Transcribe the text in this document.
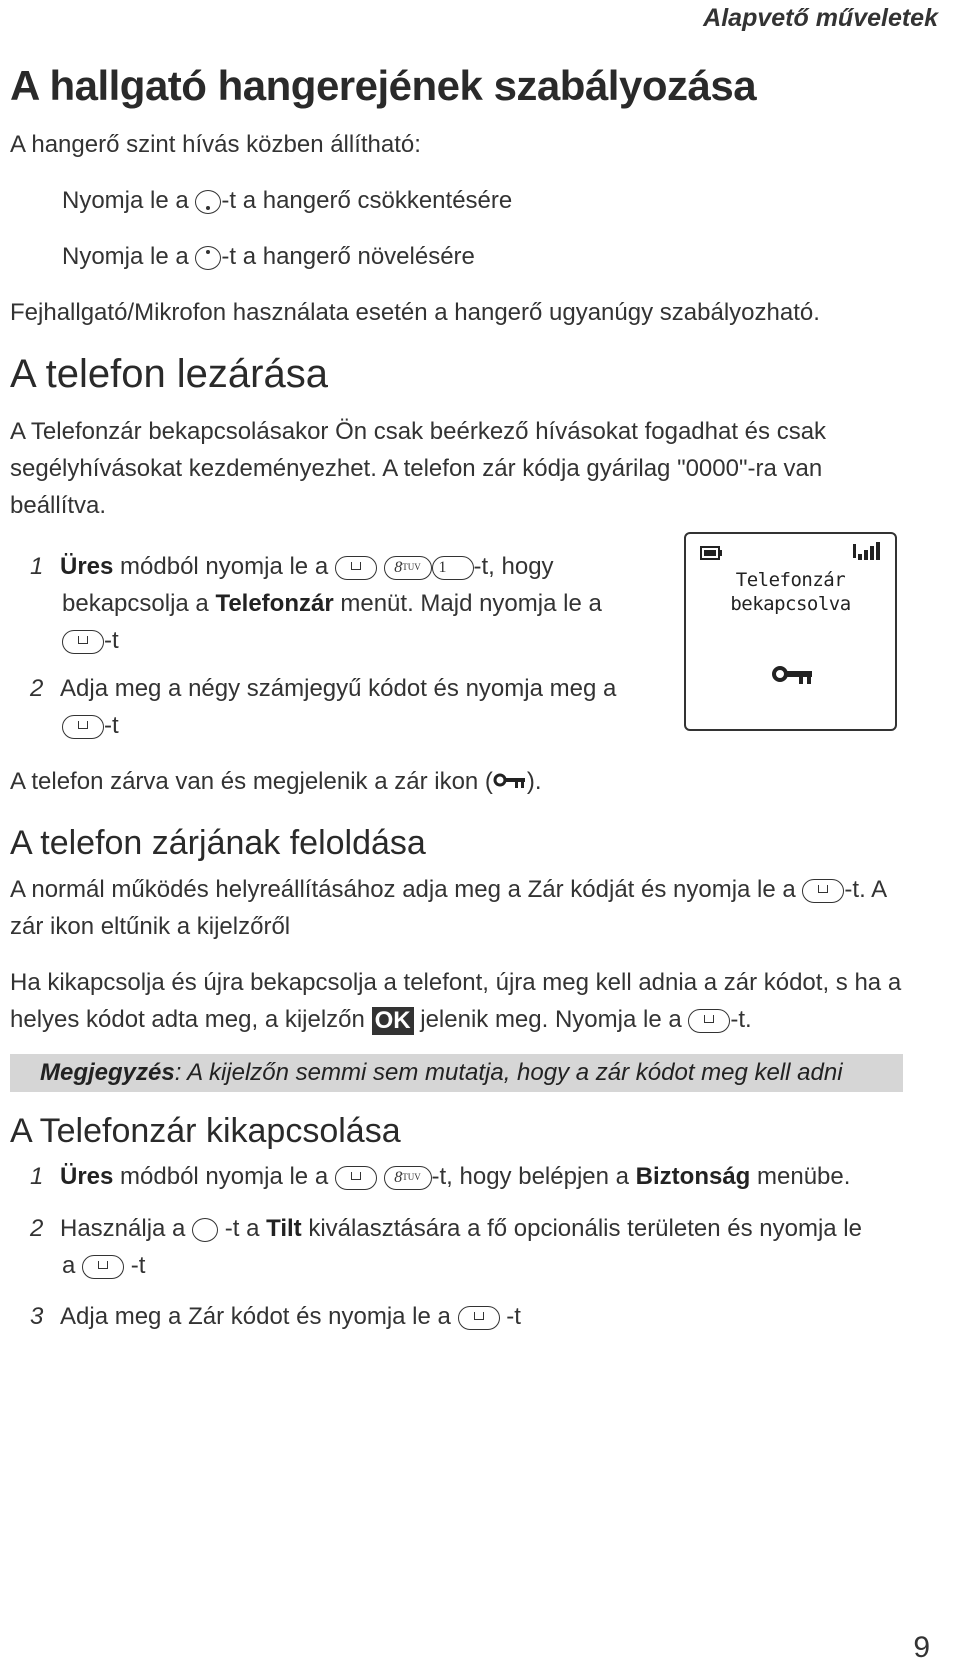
Alapvető műveletek
A hallgató hangerejének szabályozása
A hangerő szint hívás közben állítható:
Nyomja le a -t a hangerő csökkentésére
Nyomja le a -t a hangerő növelésére
Fejhallgató/Mikrofon használata esetén a hangerő ugyanúgy szabályozható.
A telefon lezárása
A Telefonzár bekapcsolásakor Ön csak beérkező hívásokat fogadhat és csak
segélyhívásokat kezdeményezhet. A telefon zár kódja gyárilag "0000"-ra van
beállítva.
1 Üres módból nyomja le a	$8^{TUV}$ 1 -t, hogy
bekapcsolja a Telefonzár menüt. Majd nyomja le a
-t
2 Adja meg a négy számjegyű kódot és nyomja meg a
-t
A telefon zárva van és megjelenik a zár ikon ( ).
Telefonzár
bekapcsolva
A telefon zárjának feloldása
A normál működés helyreállításához adja meg a Zár kódját és nyomja le a -t. A
zár ikon eltűnik a kijelzőről
Ha kikapcsolja és újra bekapcsolja a telefont, újra meg kell adnia a zár kódot, s ha a
helyes kódot adta meg, a kijelzőn OK jelenik meg. Nyomja le a -t.
Megjegyzés: A kijelzőn semmi sem mutatja, hogy a zár kódot meg kell adni
A Telefonzár kikapcsolása
1 Üres módból nyomja le a	$8^{TUV}$ -t, hogy belépjen a Biztonság menübe.
2 Használja a -t a Tilt kiválasztására a fő opcionális területen és nyomja le
a -t
3 Adja meg a Zár kódot és nyomja le a -t
9
